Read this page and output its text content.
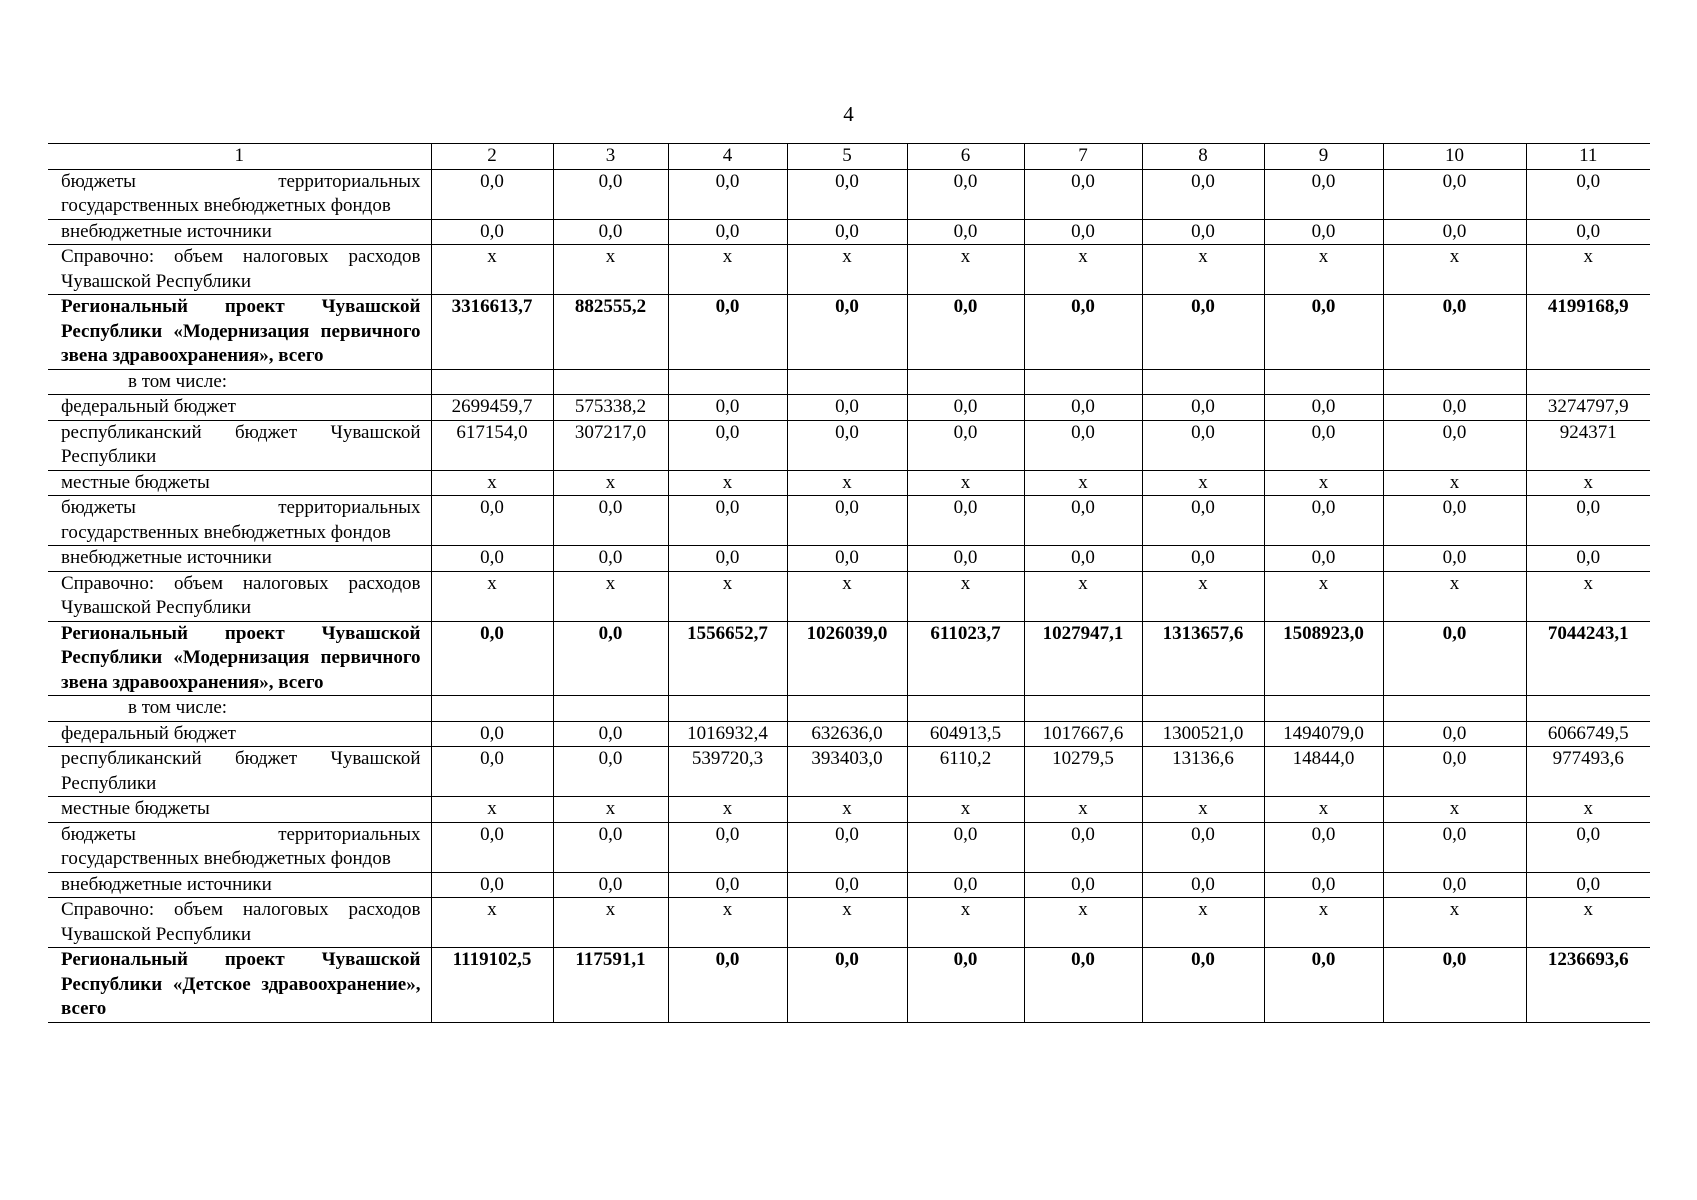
4
1	2	3	4	5	6	7	8	9	10	11
бюджеты территориальных государственных внебюджетных фондов	0,0	0,0	0,0	0,0	0,0	0,0	0,0	0,0	0,0	0,0
внебюджетные источники	0,0	0,0	0,0	0,0	0,0	0,0	0,0	0,0	0,0	0,0
Справочно: объем налоговых расходов Чувашской Республики	x	x	x	x	x	x	x	x	x	x
Региональный проект Чувашской Республики «Модернизация первичного звена здравоохранения», всего	3316613,7	882555,2	0,0	0,0	0,0	0,0	0,0	0,0	0,0	4199168,9
в том числе:										
федеральный бюджет	2699459,7	575338,2	0,0	0,0	0,0	0,0	0,0	0,0	0,0	3274797,9
республиканский бюджет Чувашской Республики	617154,0	307217,0	0,0	0,0	0,0	0,0	0,0	0,0	0,0	924371
местные бюджеты	x	x	x	x	x	x	x	x	x	x
бюджеты территориальных государственных внебюджетных фондов	0,0	0,0	0,0	0,0	0,0	0,0	0,0	0,0	0,0	0,0
внебюджетные источники	0,0	0,0	0,0	0,0	0,0	0,0	0,0	0,0	0,0	0,0
Справочно: объем налоговых расходов Чувашской Республики	x	x	x	x	x	x	x	x	x	x
Региональный проект Чувашской Республики «Модернизация первичного звена здравоохранения», всего	0,0	0,0	1556652,7	1026039,0	611023,7	1027947,1	1313657,6	1508923,0	0,0	7044243,1
в том числе:										
федеральный бюджет	0,0	0,0	1016932,4	632636,0	604913,5	1017667,6	1300521,0	1494079,0	0,0	6066749,5
республиканский бюджет Чувашской Республики	0,0	0,0	539720,3	393403,0	6110,2	10279,5	13136,6	14844,0	0,0	977493,6
местные бюджеты	x	x	x	x	x	x	x	x	x	x
бюджеты территориальных государственных внебюджетных фондов	0,0	0,0	0,0	0,0	0,0	0,0	0,0	0,0	0,0	0,0
внебюджетные источники	0,0	0,0	0,0	0,0	0,0	0,0	0,0	0,0	0,0	0,0
Справочно: объем налоговых расходов Чувашской Республики	x	x	x	x	x	x	x	x	x	x
Региональный проект Чувашской Республики «Детское здравоохранение», всего	1119102,5	117591,1	0,0	0,0	0,0	0,0	0,0	0,0	0,0	1236693,6
